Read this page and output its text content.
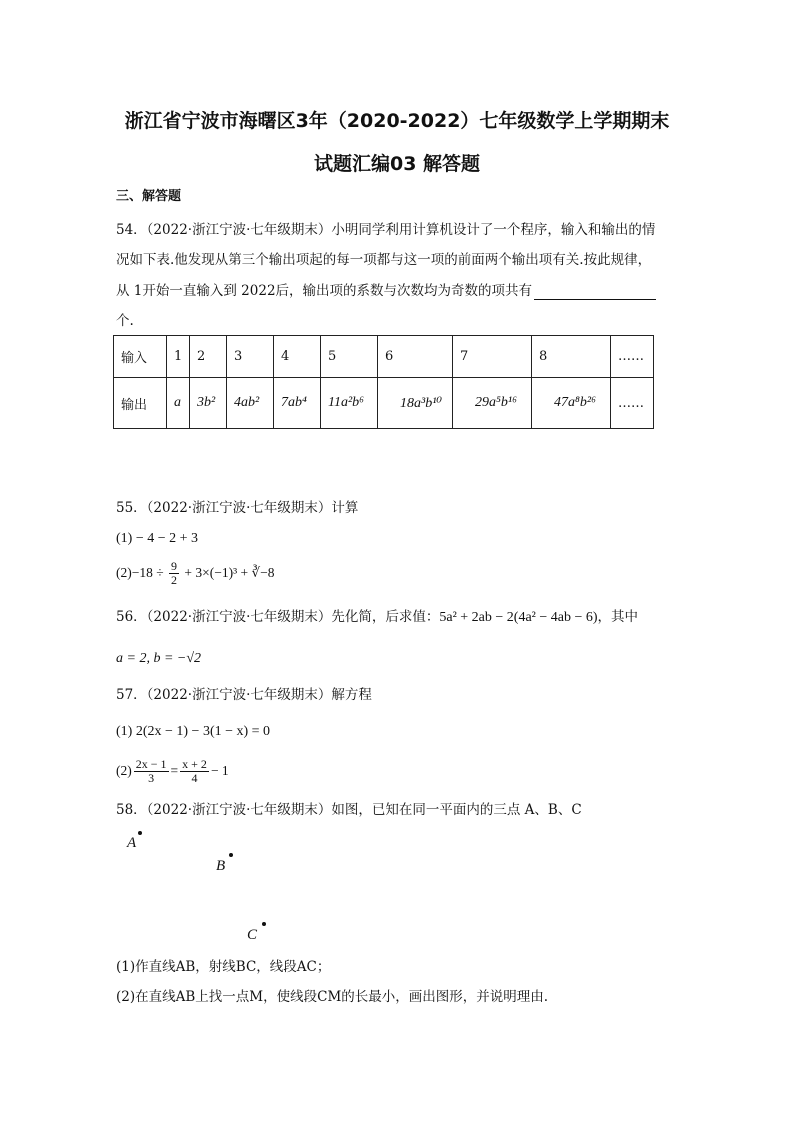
浙江省宁波市海曙区3年（2020-2022）七年级数学上学期期末
试题汇编03 解答题
三、解答题
54．（2022·浙江宁波·七年级期末）小明同学利用计算机设计了一个程序，输入和输出的情
况如下表.他发现从第三个输出项起的每一项都与这一项的前面两个输出项有关.按此规律，
从 1开始一直输入到 2022后，输出项的系数与次数均为奇数的项共有
个.
输入	1	2	3	4	5	6	7	8	……
输出	a	3b²	4ab²	7ab⁴	11a²b⁶	18a³b¹⁰	29a⁵b¹⁶	47a⁸b²⁶	……
55．（2022·浙江宁波·七年级期末）计算
(1) − 4 − 2 + 3
$(2)-18 \div \frac{9}{2} + 3\times(-1)^3$ + ∛−8
56．（2022·浙江宁波·七年级期末）先化简，后求值：5a² + 2ab − 2(4a² − 4ab − 6)，其中
a = 2, b = −√2
57．（2022·浙江宁波·七年级期末）解方程
(1) 2(2x − 1) − 3(1 − x) = 0
$(2) \frac{2x - 1}{3} = \frac{x + 2}{4} - 1$
58．（2022·浙江宁波·七年级期末）如图，已知在同一平面内的三点 A、B、C
A
B
C
(1)作直线AB，射线BC，线段AC；
(2)在直线AB上找一点M，使线段CM的长最小，画出图形，并说明理由.
